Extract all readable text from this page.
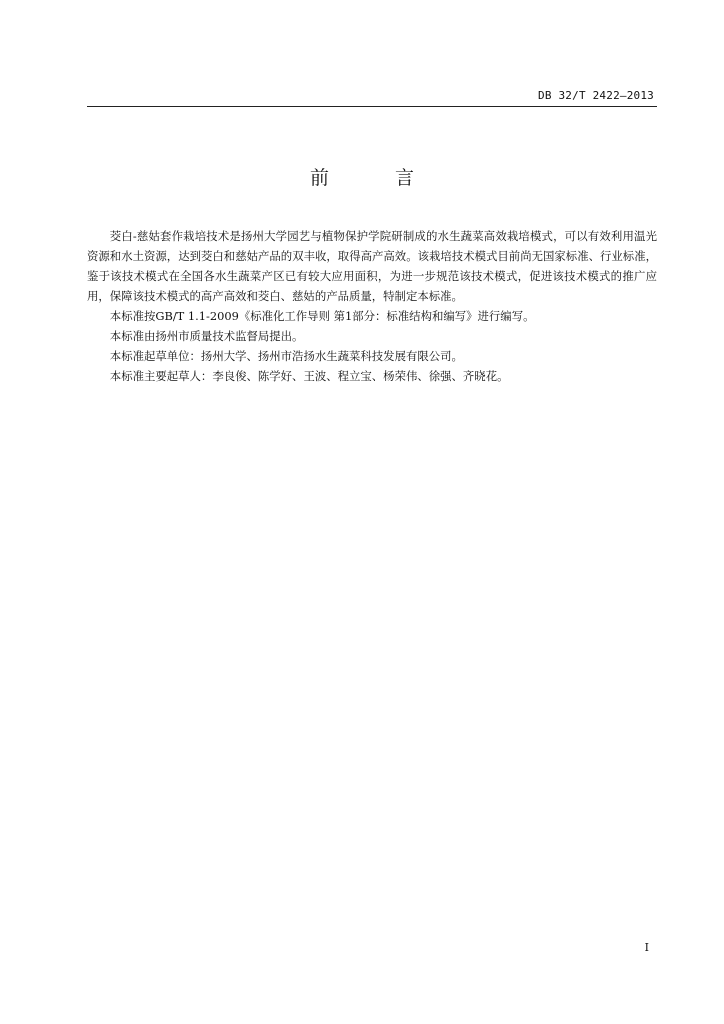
DB 32/T 2422—2013
前 言

茭白-慈姑套作栽培技术是扬州大学园艺与植物保护学院研制成的水生蔬菜高效栽培模式，可以有效利用温光资源和水土资源，达到茭白和慈姑产品的双丰收，取得高产高效。该栽培技术模式目前尚无国家标准、行业标准，鉴于该技术模式在全国各水生蔬菜产区已有较大应用面积，为进一步规范该技术模式，促进该技术模式的推广应用，保障该技术模式的高产高效和茭白、慈姑的产品质量，特制定本标准。

本标准按GB/T 1.1-2009《标准化工作导则 第1部分：标准结构和编写》进行编写。

本标准由扬州市质量技术监督局提出。

本标准起草单位：扬州大学、扬州市浩扬水生蔬菜科技发展有限公司。

本标准主要起草人：李良俊、陈学好、王波、程立宝、杨荣伟、徐强、齐晓花。

I
